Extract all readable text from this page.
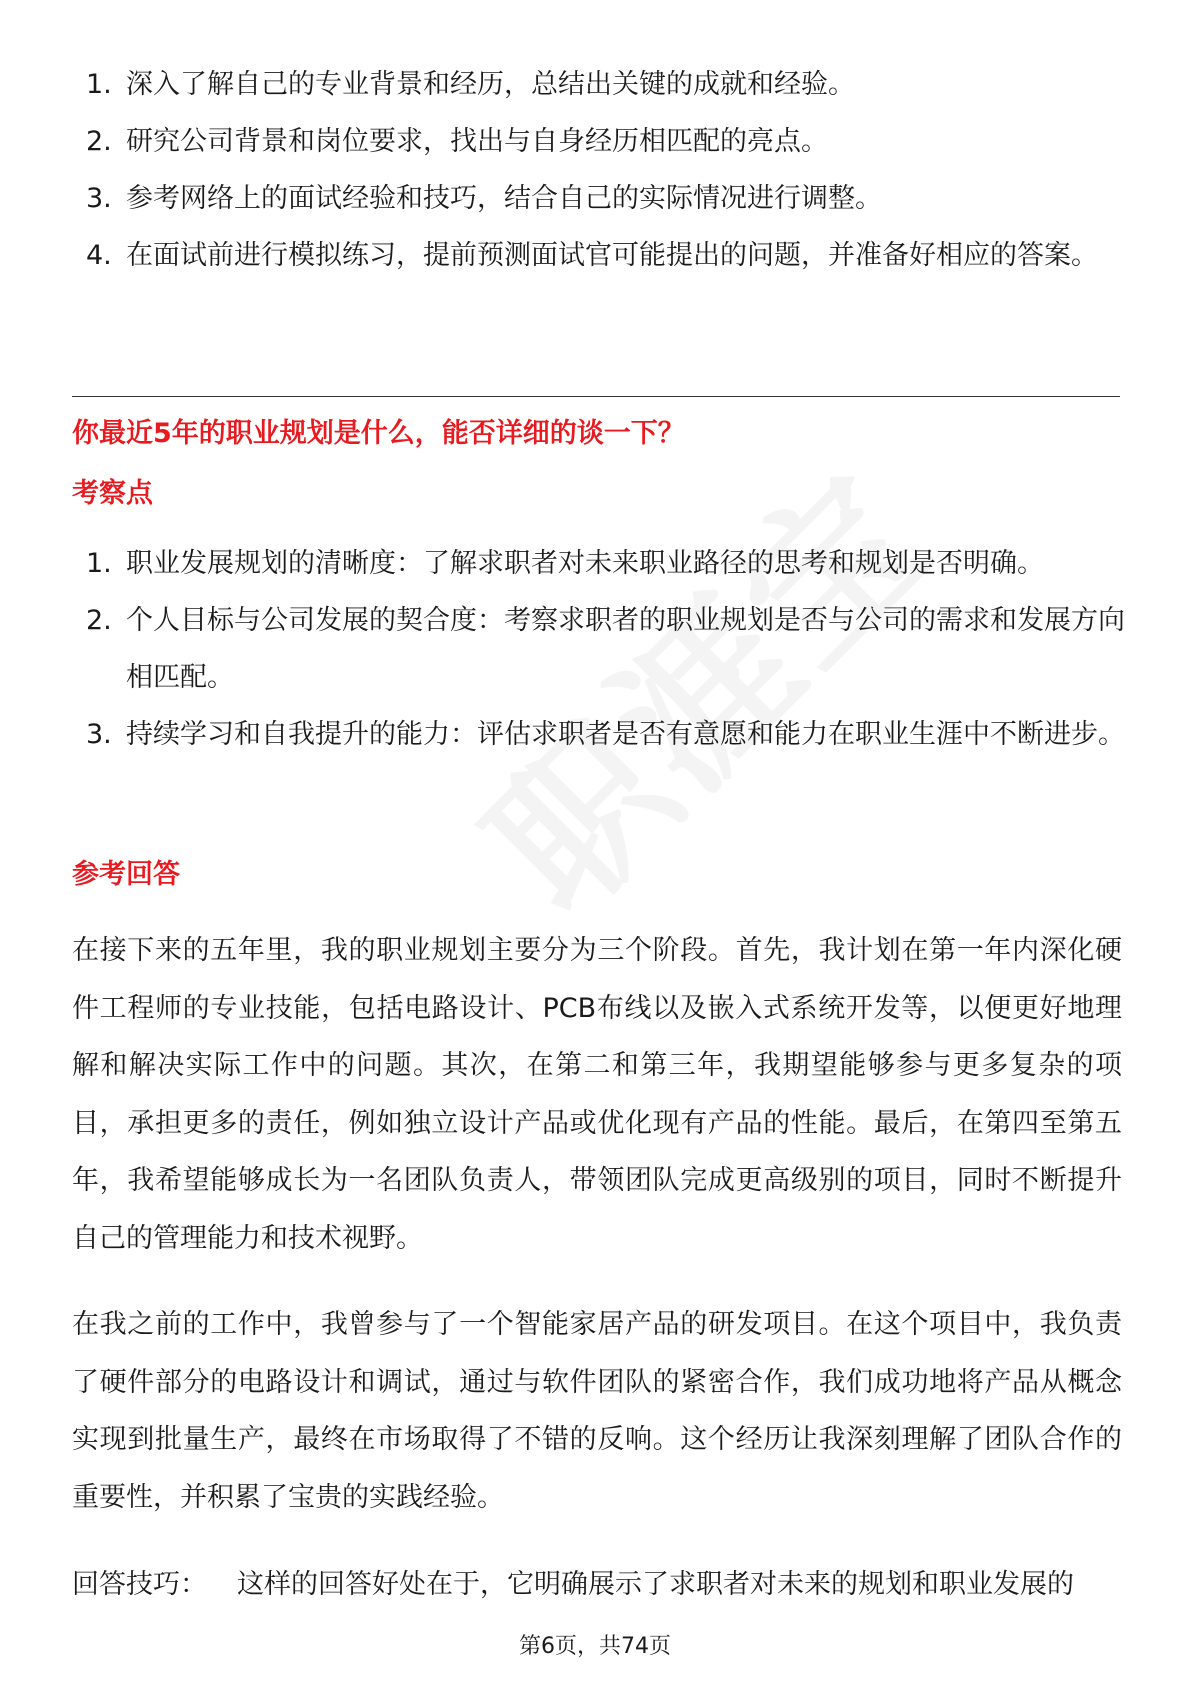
1. 深入了解自己的专业背景和经历，总结出关键的成就和经验。
2. 研究公司背景和岗位要求，找出与自身经历相匹配的亮点。
3. 参考网络上的面试经验和技巧，结合自己的实际情况进行调整。
4. 在面试前进行模拟练习，提前预测面试官可能提出的问题，并准备好相应的答案。
你最近5年的职业规划是什么，能否详细的谈一下？
考察点
1. 职业发展规划的清晰度：了解求职者对未来职业路径的思考和规划是否明确。
2. 个人目标与公司发展的契合度：考察求职者的职业规划是否与公司的需求和发展方向相匹配。
3. 持续学习和自我提升的能力：评估求职者是否有意愿和能力在职业生涯中不断进步。
参考回答

在接下来的五年里，我的职业规划主要分为三个阶段。首先，我计划在第一年内深化硬件工程师的专业技能，包括电路设计、PCB布线以及嵌入式系统开发等，以便更好地理解和解决实际工作中的问题。其次，在第二和第三年，我期望能够参与更多复杂的项目，承担更多的责任，例如独立设计产品或优化现有产品的性能。最后，在第四至第五年，我希望能够成长为一名团队负责人，带领团队完成更高级别的项目，同时不断提升自己的管理能力和技术视野。

在我之前的工作中，我曾参与了一个智能家居产品的研发项目。在这个项目中，我负责了硬件部分的电路设计和调试，通过与软件团队的紧密合作，我们成功地将产品从概念实现到批量生产，最终在市场取得了不错的反响。这个经历让我深刻理解了团队合作的重要性，并积累了宝贵的实践经验。

回答技巧： 这样的回答好处在于，它明确展示了求职者对未来的规划和职业发展的
第6页，共74页
